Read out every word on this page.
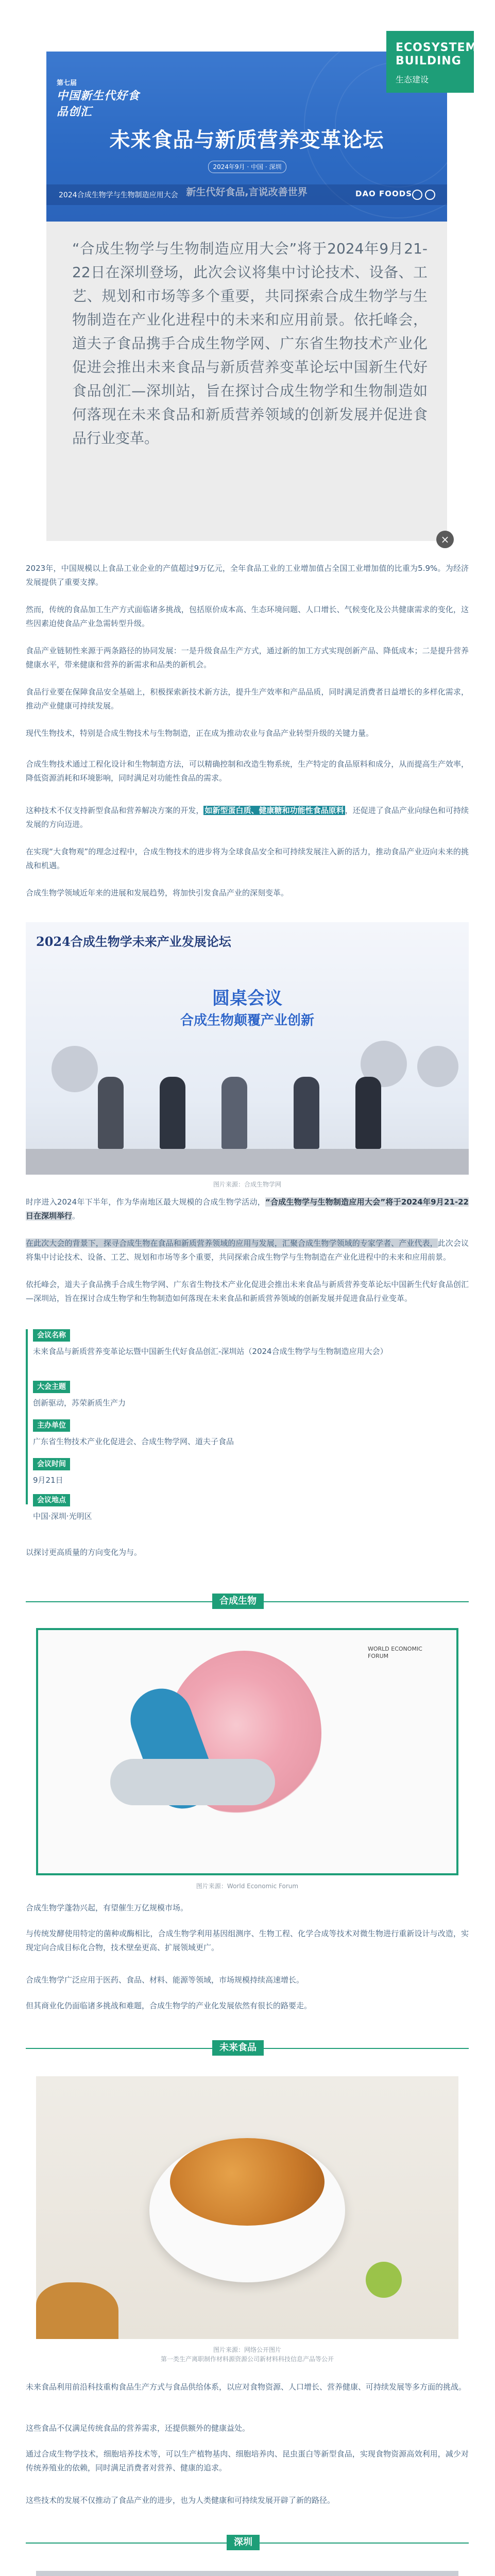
第七届
中国新生代好食品创汇
未来食品与新质营养变革论坛
2024年9月 · 中国 · 深圳
新生代好食品,言说改善世界
2024合成生物学与生物制造应用大会	DAO FOODS
ECOSYSTEM
BUILDING
生态建设

“合成生物学与生物制造应用大会”将于2024年9月21-22日在深圳登场，此次会议将集中讨论技术、设备、工艺、规划和市场等多个重要，共同探索合成生物学与生物制造在产业化进程中的未来和应用前景。依托峰会，道夫子食品携手合成生物学网、广东省生物技术产业化促进会推出未来食品与新质营养变革论坛中国新生代好食品创汇—深圳站，旨在探讨合成生物学和生物制造如何落现在未来食品和新质营养领域的创新发展并促进食品行业变革。

×

2023年，中国规模以上食品工业企业的产值超过9万亿元，全年食品工业的工业增加值占全国工业增加值的比重为5.9%。为经济发展提供了重要支撑。

然而，传统的食品加工生产方式面临诸多挑战，包括原价成本高、生态环境问题、人口增长、气候变化及公共健康需求的变化，这些因素迫使食品产业急需转型升级。

食品产业链韧性来源于两条路径的协同发展：一是升级食品生产方式，通过新的加工方式实现创新产品、降低成本；二是提升营养健康水平，带来健康和营养的新需求和品类的新机会。

食品行业要在保障食品安全基础上，积极探索新技术新方法，提升生产效率和产品品质，同时满足消费者日益增长的多样化需求，推动产业健康可持续发展。

现代生物技术，特别是合成生物技术与生物制造，正在成为推动农业与食品产业转型升级的关键力量。

合成生物技术通过工程化设计和生物制造方法，可以精确控制和改造生物系统，生产特定的食品原料和成分，从而提高生产效率，降低资源消耗和环境影响，同时满足对功能性食品的需求。

这种技术不仅支持新型食品和营养解决方案的开发， 如新型蛋白质、健康糖和功能性食品原料 ，还促进了食品产业向绿色和可持续发展的方向迈进。

在实现“大食物观”的理念过程中，合成生物技术的进步将为全球食品安全和可持续发展注入新的活力，推动食品产业迈向未来的挑战和机遇。

合成生物学领域近年来的进展和发展趋势，将加快引发食品产业的深刻变革。

2024合成生物学未来产业发展论坛
圆桌会议
合成生物颠覆产业创新
图片来源：合成生物学网

时序进入2024年下半年，作为华南地区最大规模的合成生物学活动，“合成生物学与生物制造应用大会”将于2024年9月21-22日在深圳举行。

在此次大会的背景下，探寻合成生物在食品和新质营养领域的应用与发展，汇聚合成生物学领域的专家学者、产业代表，此次会议将集中讨论技术、设备、工艺、规划和市场等多个重要，共同探索合成生物学与生物制造在产业化进程中的未来和应用前景。

依托峰会，道夫子食品携手合成生物学网、广东省生物技术产业化促进会推出未来食品与新质营养变革论坛中国新生代好食品创汇—深圳站，旨在探讨合成生物学和生物制造如何落现在未来食品和新质营养领域的创新发展并促进食品行业变革。

会议名称

未来食品与新质营养变革论坛暨中国新生代好食品创汇-深圳站（2024合成生物学与生物制造应用大会）

大会主题

创新驱动，苏荣新质生产力

主办单位

广东省生物技术产业化促进会、合成生物学网、道夫子食品

会议时间

9月21日

会议地点

中国·深圳·光明区

以探讨更高质量的方向变化为与。

合成生物
WORLD ECONOMIC FORUM
图片来源：World Economic Forum

合成生物学蓬勃兴起，有望催生万亿规模市场。

与传统发酵使用特定的菌种或酶相比，合成生物学利用基因组测序、生物工程、化学合成等技术对微生物进行重新设计与改造，实现定向合成目标化合物，技术壁垒更高、扩展领域更广。

合成生物学广泛应用于医药、食品、材料、能源等领域，市场规模持续高速增长。

但其商业化仍面临诸多挑战和难题，合成生物学的产业化发展依然有很长的路要走。

未来食品
图片来源：网络公开图片
第一类生产离职制作材料源资源公司新材料科技信息产品等公开

未来食品利用前沿科技重构食品生产方式与食品供给体系，以应对食物资源、人口增长、营养健康、可持续发展等多方面的挑战。

这些食品不仅满足传统食品的营养需求，还提供额外的健康益处。

通过合成生物学技术，细胞培养技术等，可以生产植物基肉、细胞培养肉、昆虫蛋白等新型食品，实现食物资源高效利用，减少对传统养殖业的依赖，同时满足消费者对营养、健康的追求。

这些技术的发展不仅推动了食品产业的进步，也为人类健康和可持续发展开辟了新的路径。

深圳
